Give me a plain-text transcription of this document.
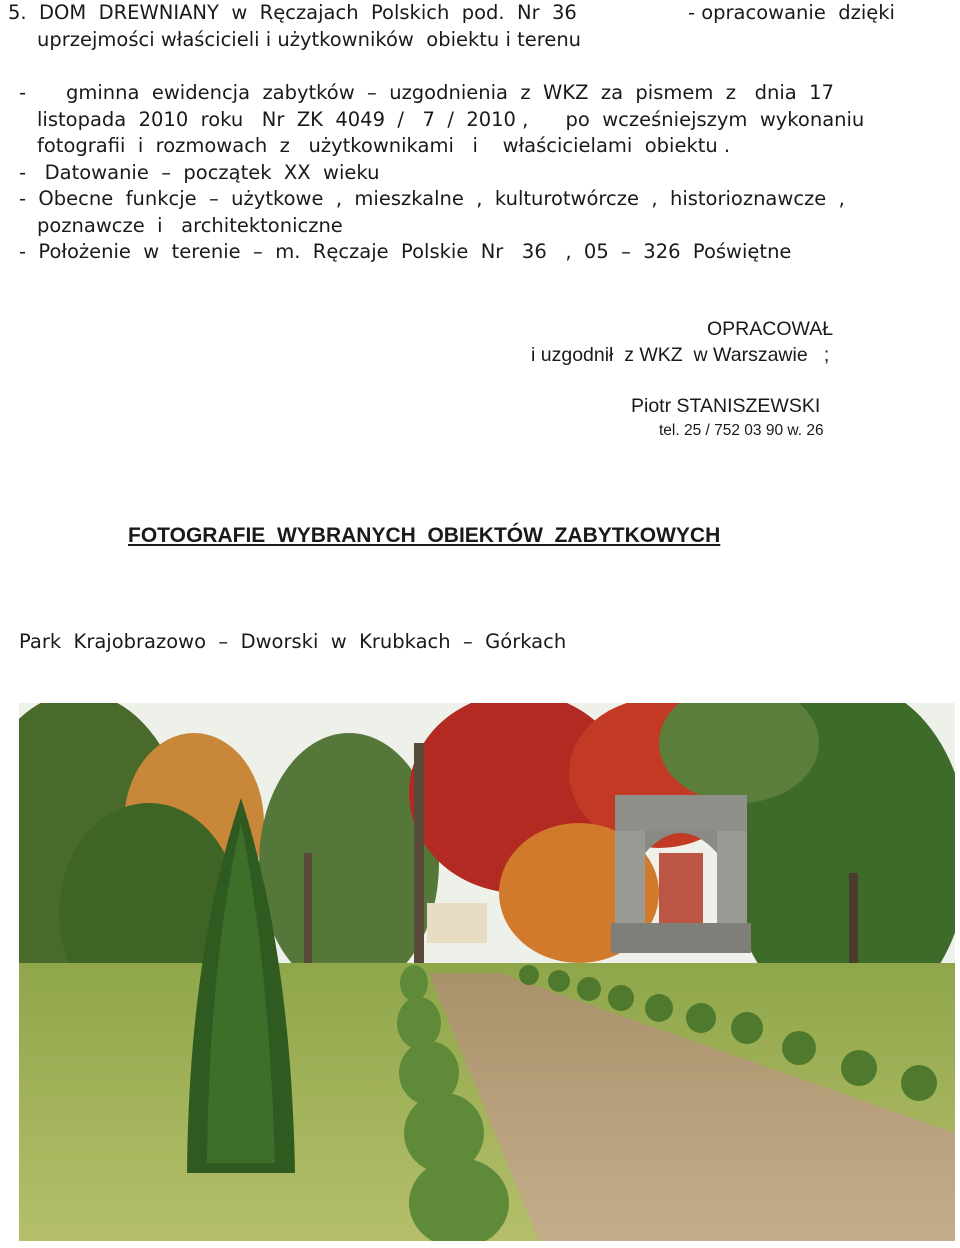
5.  DOM  DREWNIANY  w  Ręczajach  Polskich  pod.  Nr  36	- opracowanie  dzięki
uprzejmości właścicieli i użytkowników  obiektu i terenu
- gminna  ewidencja  zabytków  –  uzgodnienia  z  WKZ  za  pismem  z   dnia  17
listopada  2010  roku   Nr  ZK  4049  /   7  /  2010 ,      po  wcześniejszym  wykonaniu
fotografii  i  rozmowach  z   użytkownikami   i    właścicielami  obiektu .
-   Datowanie  –  początek  XX  wieku
-  Obecne  funkcje  –  użytkowe  ,  mieszkalne  ,  kulturotwórcze  ,  historioznawcze  ,
poznawcze  i   architektoniczne
-  Położenie  w  terenie  –  m.  Ręczaje  Polskie  Nr   36   ,  05  –  326  Poświętne
OPRACOWAŁ
i uzgodnił  z WKZ  w Warszawie   ;
Piotr STANISZEWSKI
tel. 25 / 752 03 90 w. 26
FOTOGRAFIE  WYBRANYCH  OBIEKTÓW  ZABYTKOWYCH
Park  Krajobrazowo  –  Dworski  w  Krubkach  –  Górkach
